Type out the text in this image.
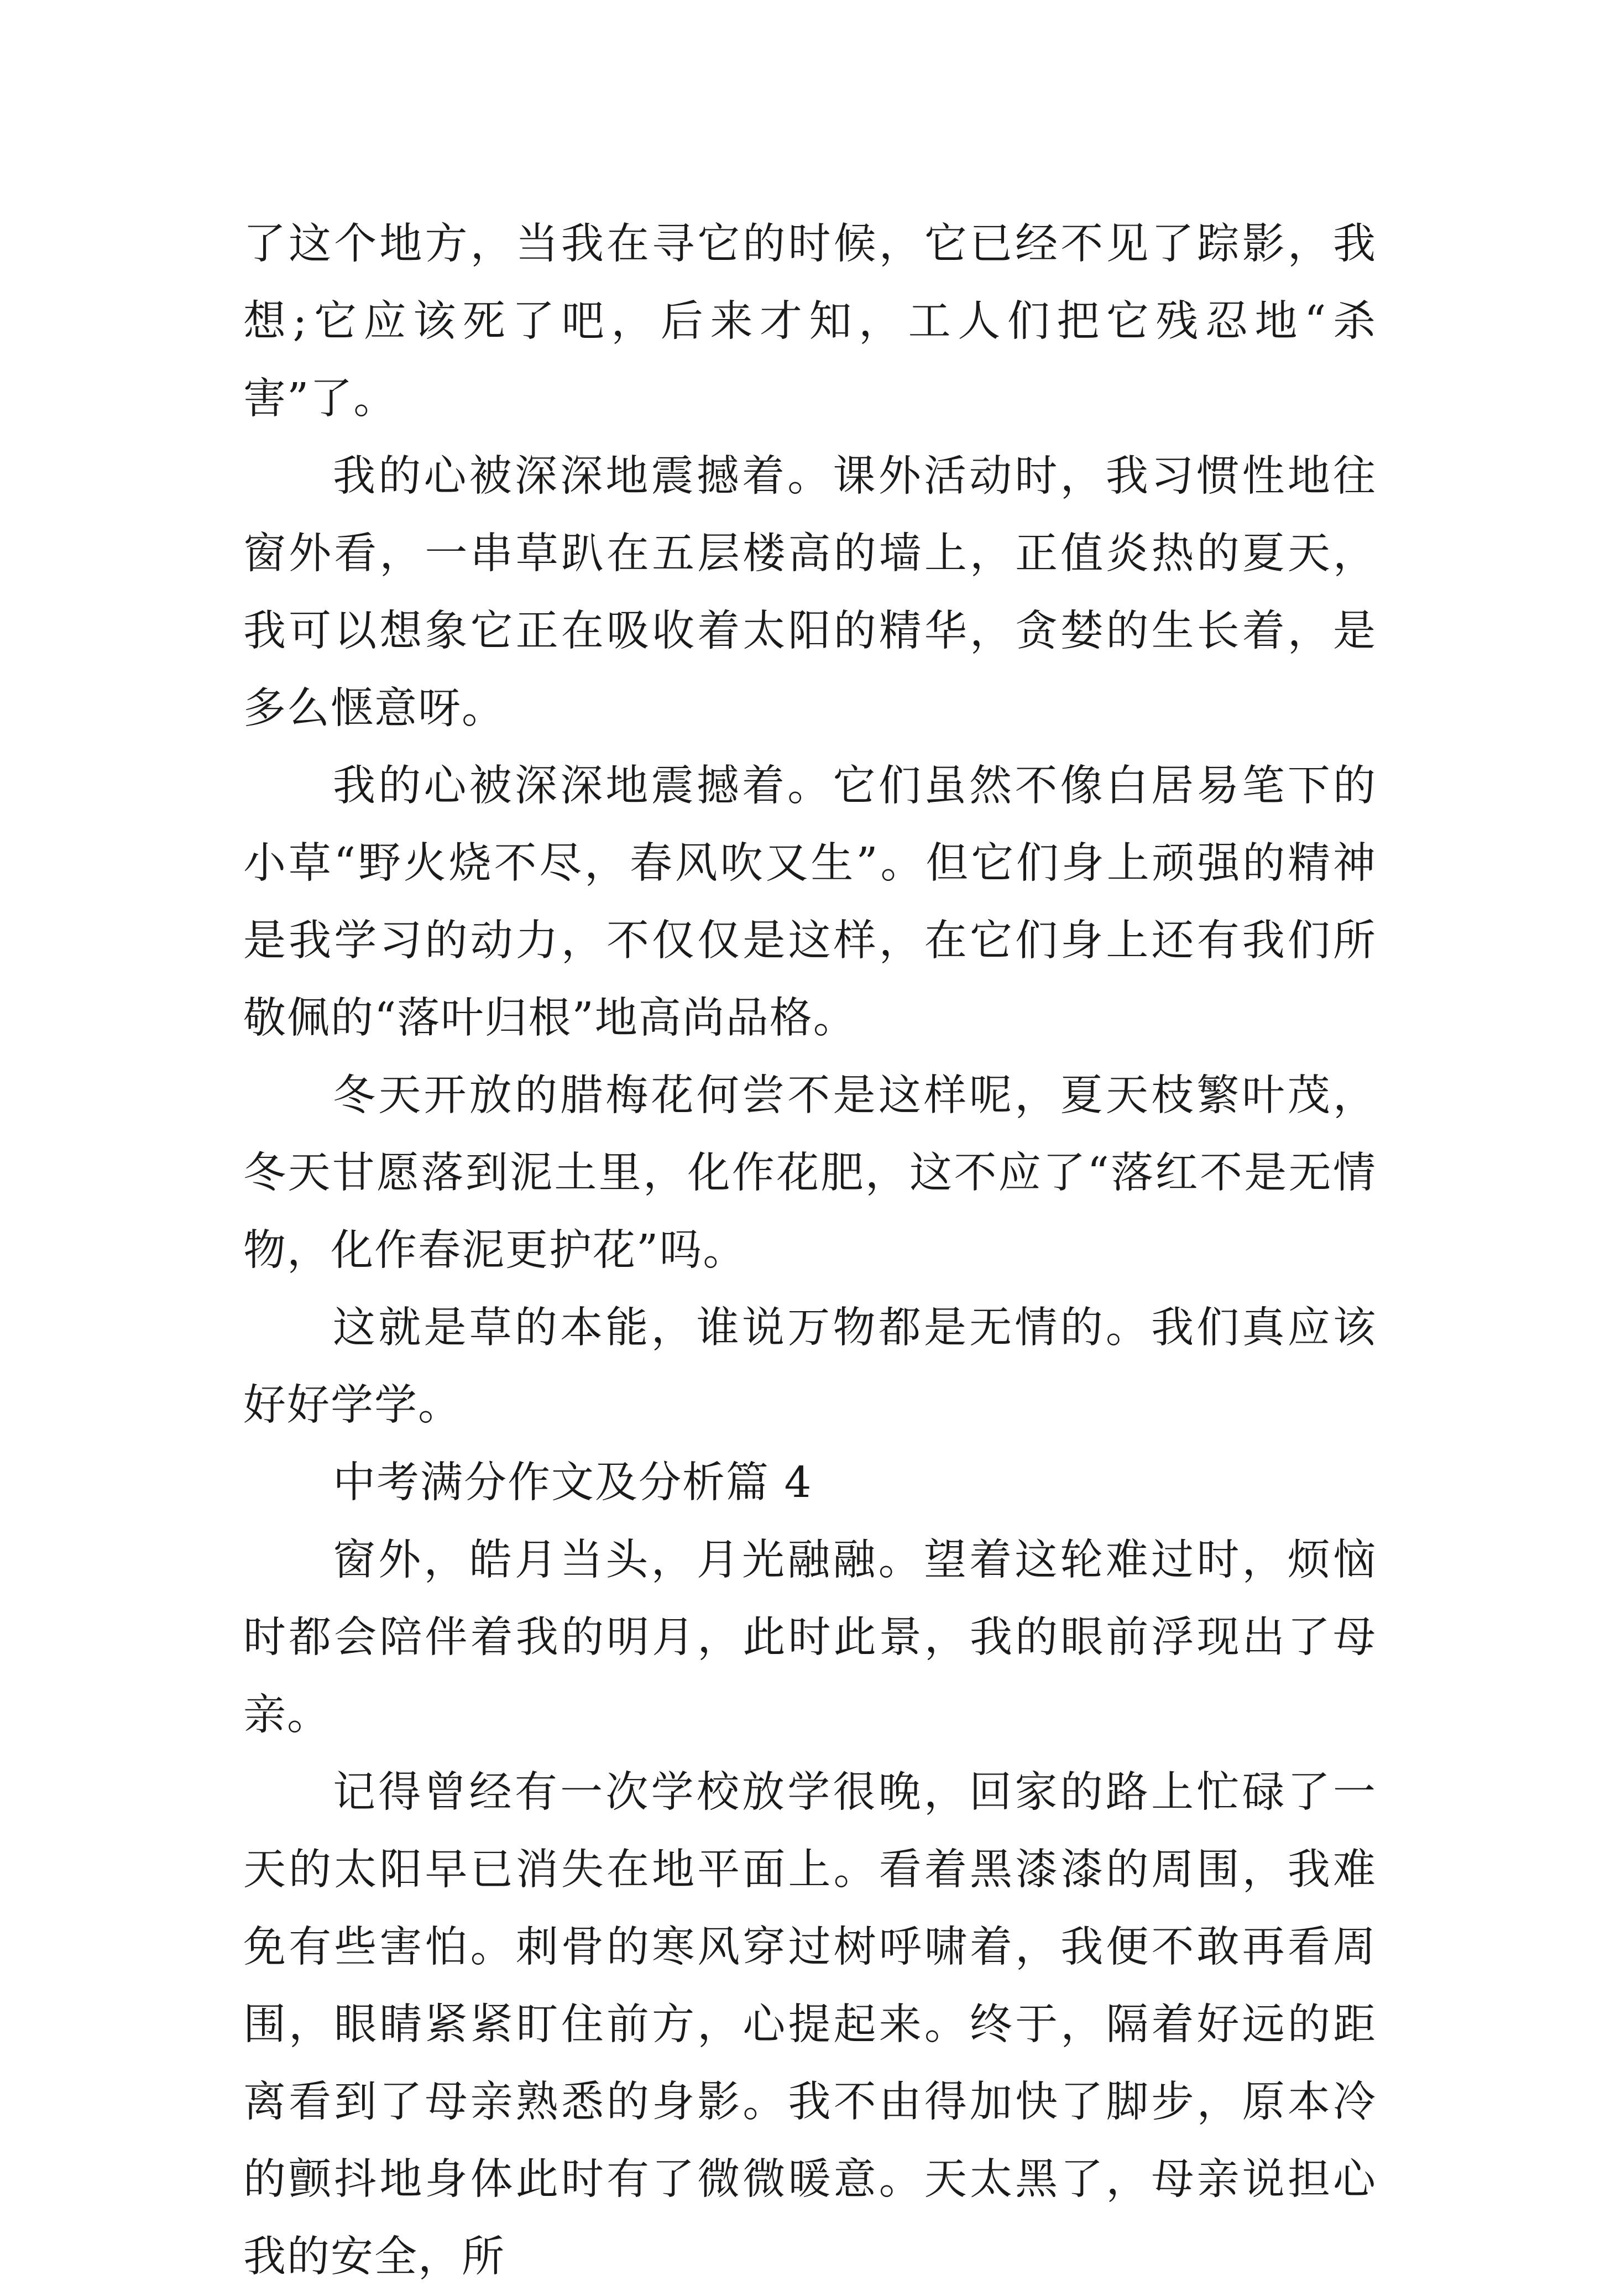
了这个地方，当我在寻它的时候，它已经不见了踪影，我想;它应该死了吧，后来才知，工人们把它残忍地“杀害”了。

我的心被深深地震撼着。课外活动时，我习惯性地往窗外看，一串草趴在五层楼高的墙上，正值炎热的夏天，我可以想象它正在吸收着太阳的精华，贪婪的生长着，是多么惬意呀。

我的心被深深地震撼着。它们虽然不像白居易笔下的小草“野火烧不尽，春风吹又生”。但它们身上顽强的精神是我学习的动力，不仅仅是这样，在它们身上还有我们所敬佩的“落叶归根”地高尚品格。

冬天开放的腊梅花何尝不是这样呢，夏天枝繁叶茂，冬天甘愿落到泥土里，化作花肥，这不应了“落红不是无情物，化作春泥更护花”吗。

这就是草的本能，谁说万物都是无情的。我们真应该好好学学。

中考满分作文及分析篇 4

窗外，皓月当头，月光融融。望着这轮难过时，烦恼时都会陪伴着我的明月，此时此景，我的眼前浮现出了母亲。

记得曾经有一次学校放学很晚，回家的路上忙碌了一天的太阳早已消失在地平面上。看着黑漆漆的周围，我难免有些害怕。刺骨的寒风穿过树呼啸着，我便不敢再看周围，眼睛紧紧盯住前方，心提起来。终于，隔着好远的距离看到了母亲熟悉的身影。我不由得加快了脚步，原本冷的颤抖地身体此时有了微微暖意。天太黑了，母亲说担心我的安全，所
